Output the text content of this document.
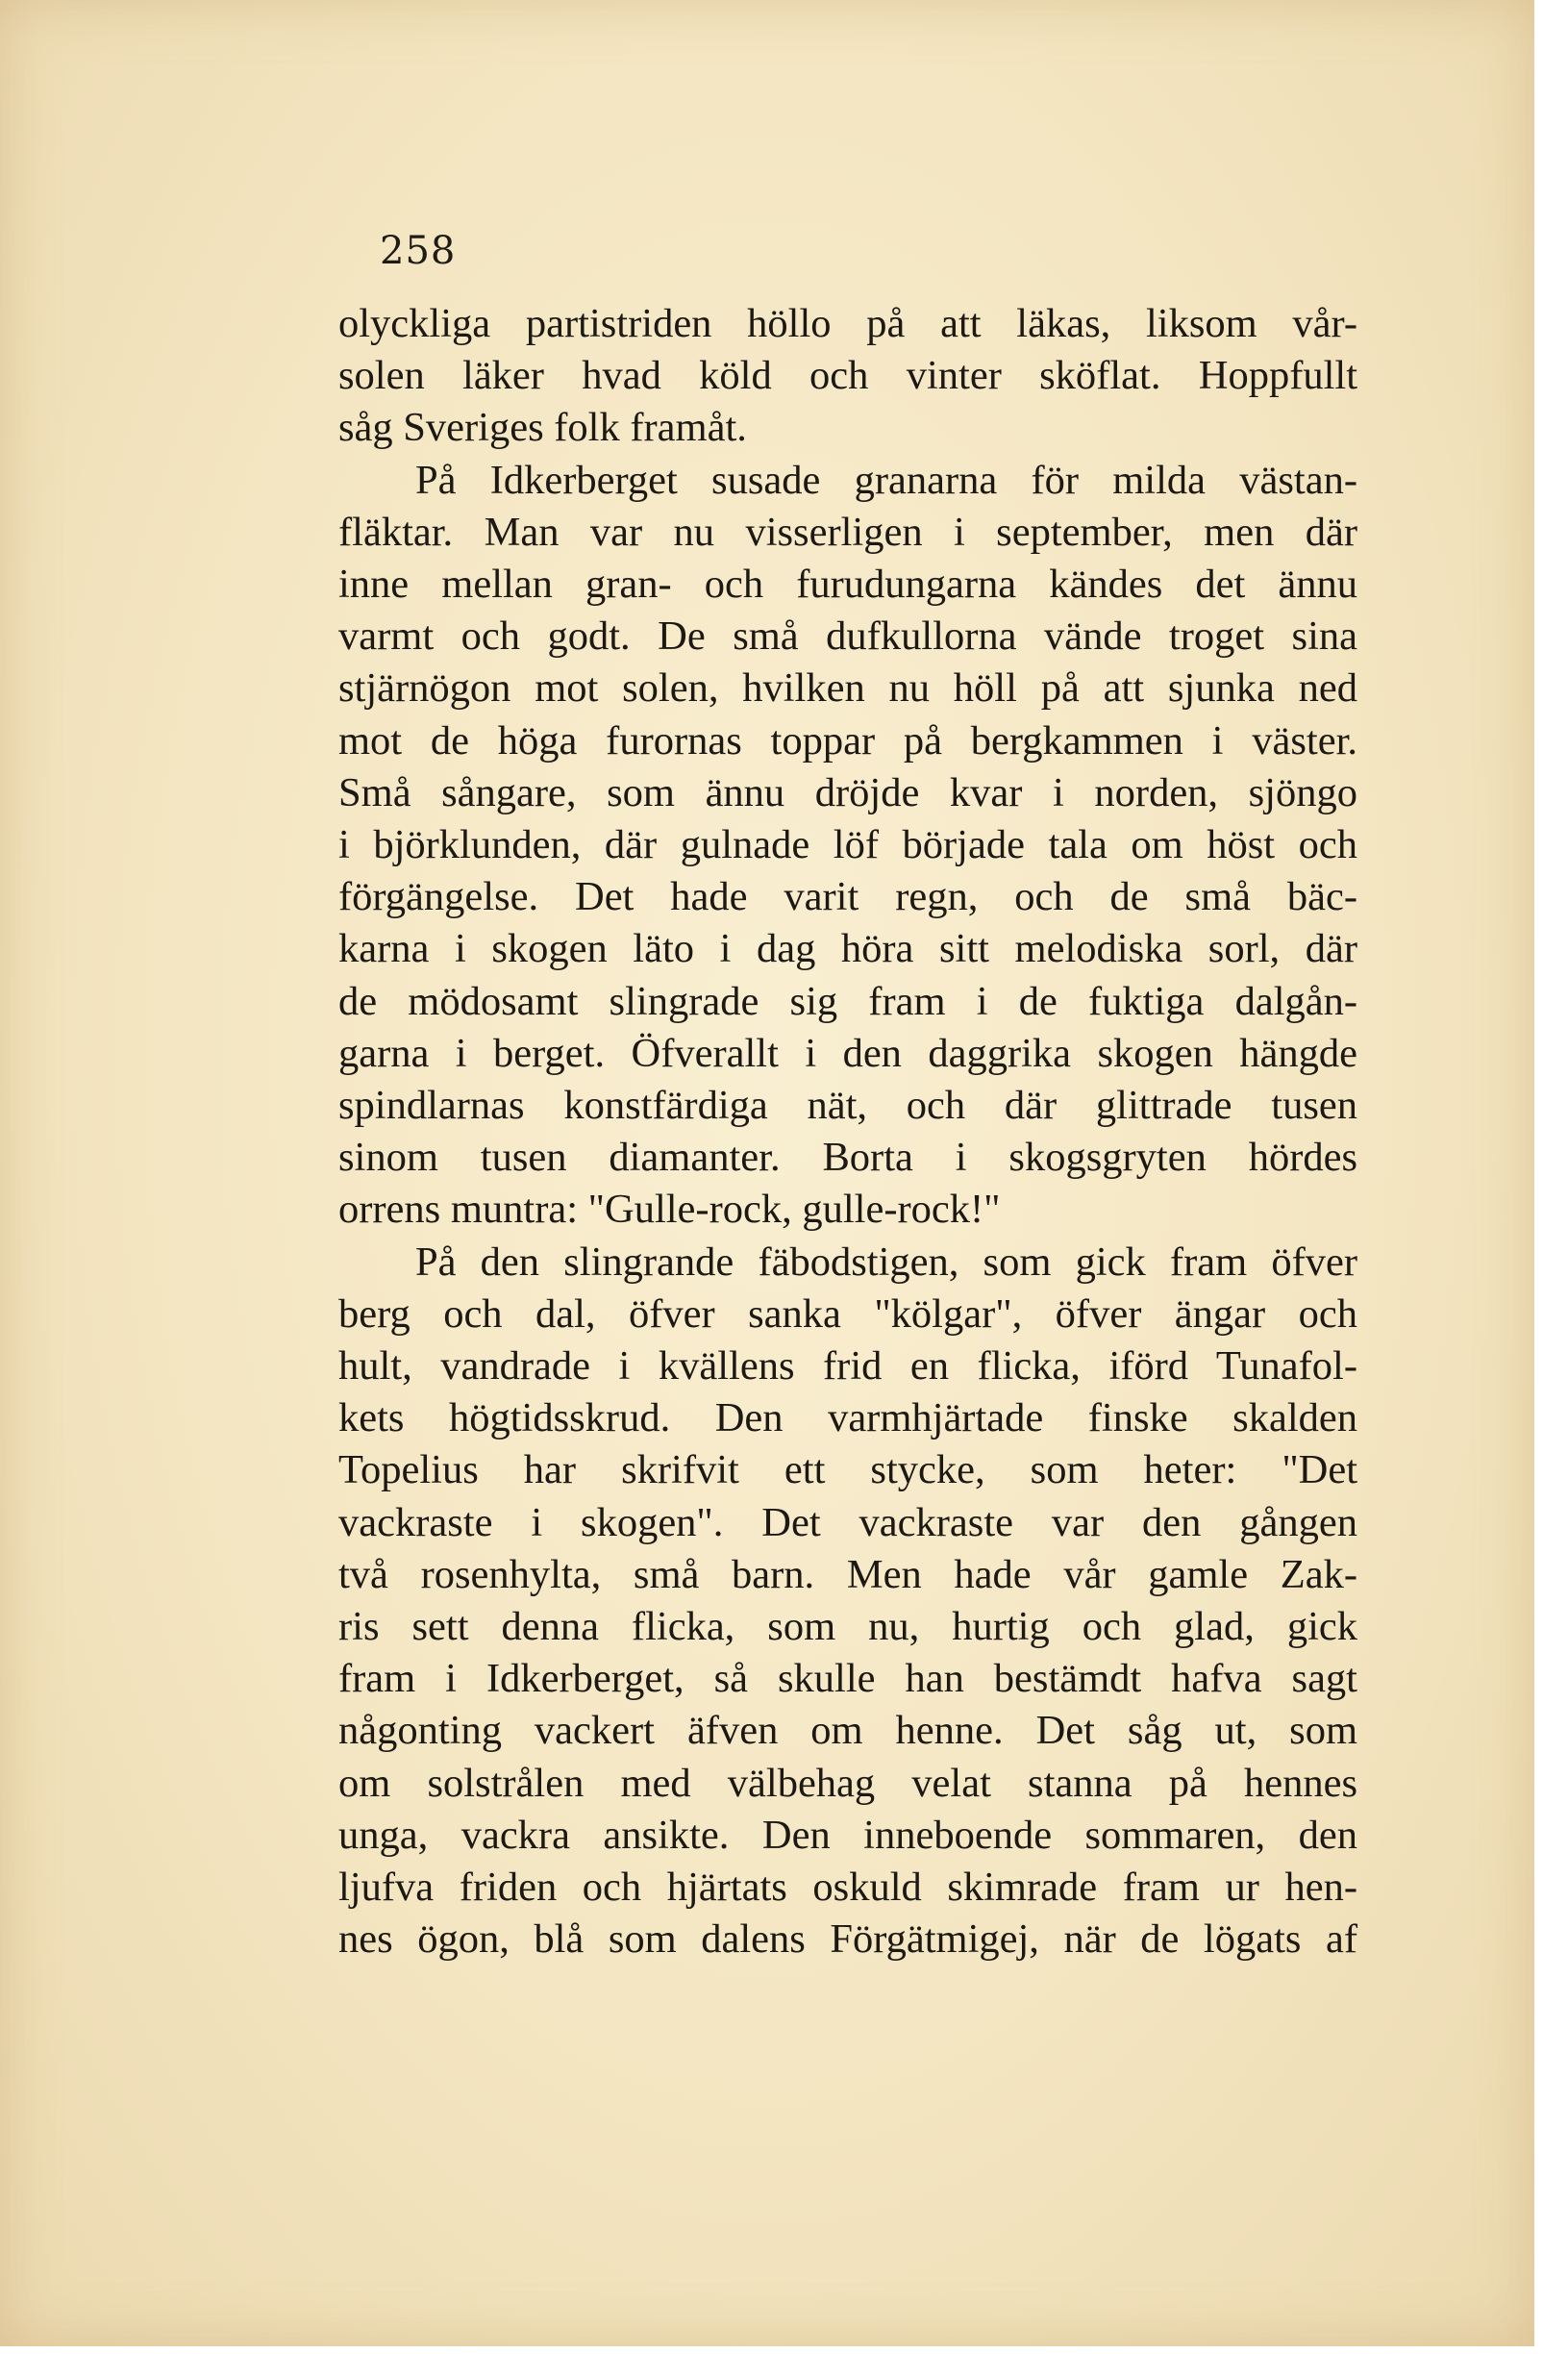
258
olyckliga partistriden höllo på att läkas, liksom vår-
solen läker hvad köld och vinter sköflat. Hoppfullt
såg Sveriges folk framåt.
På Idkerberget susade granarna för milda västan-
fläktar. Man var nu visserligen i september, men där
inne mellan gran- och furudungarna kändes det ännu
varmt och godt. De små dufkullorna vände troget sina
stjärnögon mot solen, hvilken nu höll på att sjunka ned
mot de höga furornas toppar på bergkammen i väster.
Små sångare, som ännu dröjde kvar i norden, sjöngo
i björklunden, där gulnade löf började tala om höst och
förgängelse. Det hade varit regn, och de små bäc-
karna i skogen läto i dag höra sitt melodiska sorl, där
de mödosamt slingrade sig fram i de fuktiga dalgån-
garna i berget. Öfverallt i den daggrika skogen hängde
spindlarnas konstfärdiga nät, och där glittrade tusen
sinom tusen diamanter. Borta i skogsgryten hördes
orrens muntra: "Gulle-rock, gulle-rock!"
På den slingrande fäbodstigen, som gick fram öfver
berg och dal, öfver sanka "kölgar", öfver ängar och
hult, vandrade i kvällens frid en flicka, iförd Tunafol-
kets högtidsskrud. Den varmhjärtade finske skalden
Topelius har skrifvit ett stycke, som heter: "Det
vackraste i skogen". Det vackraste var den gången
två rosenhylta, små barn. Men hade vår gamle Zak-
ris sett denna flicka, som nu, hurtig och glad, gick
fram i Idkerberget, så skulle han bestämdt hafva sagt
någonting vackert äfven om henne. Det såg ut, som
om solstrålen med välbehag velat stanna på hennes
unga, vackra ansikte. Den inneboende sommaren, den
ljufva friden och hjärtats oskuld skimrade fram ur hen-
nes ögon, blå som dalens Förgätmigej, när de lögats af
